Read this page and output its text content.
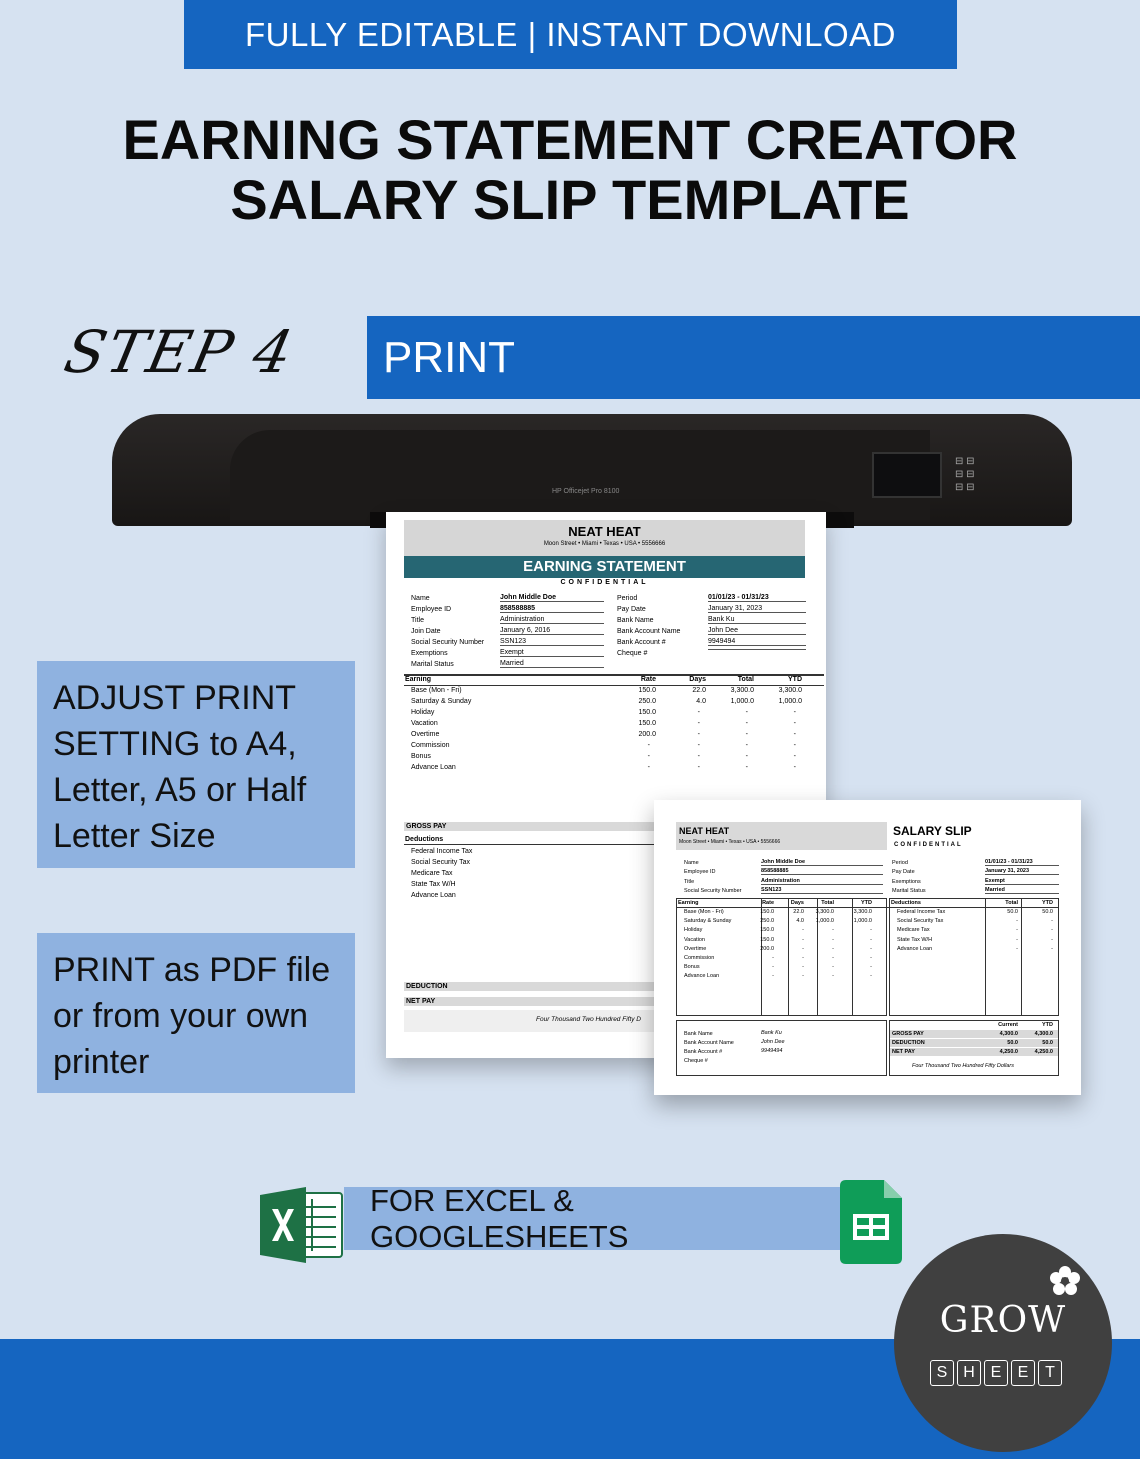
FULLY EDITABLE | INSTANT DOWNLOAD
EARNING STATEMENT CREATOR
SALARY SLIP TEMPLATE
STEP 4	PRINT
HP Officejet Pro 8100
⊟ ⊟
⊟ ⊟
⊟ ⊟
ADJUST PRINT SETTING to A4, Letter, A5 or Half Letter Size
PRINT as PDF file or from your own printer
NEAT HEAT
Moon Street • Miami • Texas • USA • 5556666
EARNING STATEMENT
CONFIDENTIAL
Name	John Middle Doe
Employee ID	858588885
Title	Administration
Join Date	January 6, 2016
Social Security Number SSN123
Exemptions	Exempt
Marital Status	Married
Period	01/01/23 - 01/31/23
Pay Date	January 31, 2023
Bank Name	Bank Ku
Bank Account Name	John Dee
Bank Account #	9949494
Cheque #
Earning	Rate	Days	Total	YTD
Base (Mon - Fri)	150.0	22.0	3,300.0	3,300.0
Saturday & Sunday	250.0	4.0	1,000.0	1,000.0
Holiday	150.0	-	-	-
Vacation	150.0	-	-	-
Overtime	200.0	-	-	-
Commission	-	-	-	-
Bonus	-	-	-	-
Advance Loan	-	-	-	-
GROSS PAY
Deductions
Federal Income Tax
Social Security Tax
Medicare Tax
State Tax W/H
Advance Loan
DEDUCTION
NET PAY
Four Thousand Two Hundred Fifty D
NEAT HEAT
Moon Street • Miami • Texas • USA • 5556666
SALARY SLIP
CONFIDENTIAL
Name	John Middle Doe
Employee ID	858588885
Title	Administration
Social Security Number	SSN123
Period	01/01/23 - 01/31/23
Pay Date	January 31, 2023
Exemptions	Exempt
Marital Status	Married
Earning	Rate	Days	Total	YTD
Base (Mon - Fri)	150.0	22.0	3,300.0	3,300.0
Saturday & Sunday	250.0	4.0	1,000.0	1,000.0
Holiday	150.0	-	-	-
Vacation	150.0	-	-	-
Overtime	200.0	-	-	-
Commission	-	-	-	-
Bonus	-	-	-	-
Advance Loan	-	-	-	-
Deductions	Total	YTD
Federal Income Tax	50.0	50.0
Social Security Tax	-	-
Medicare Tax	-	-
State Tax W/H	-	-
Advance Loan	-	-
Bank Name	Bank Ku
Bank Account Name	John Dee
Bank Account #	9949494
Cheque #
Current	YTD
GROSS PAY	4,300.0	4,300.0
DEDUCTION	50.0	50.0
NET PAY	4,250.0	4,250.0
Four Thousand Two Hundred Fifty Dollars
FOR EXCEL & GOOGLESHEETS
GROW
S H E	E	T
